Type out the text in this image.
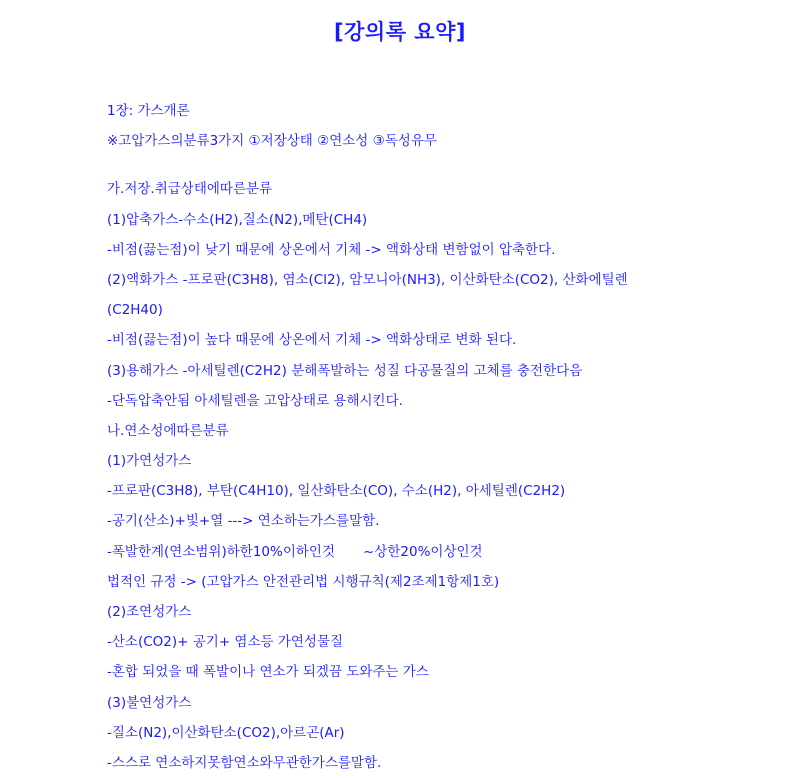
[강의록 요약]
1장: 가스개론
※고압가스의분류3가지 ①저장상태 ②연소성 ③독성유무
가.저장.취급상태에따른분류
(1)압축가스-수소(H2),질소(N2),메탄(CH4)
-비점(끓는점)이 낮기 때문에 상온에서 기체 -> 액화상태 변함없이 압축한다.
(2)액화가스 -프로판(C3H8), 염소(Cl2), 암모니아(NH3), 이산화탄소(CO2), 산화에틸렌
(C2H40)
-비점(끓는점)이 높다 때문에 상온에서 기체 -> 액화상태로 변화 된다.
(3)용해가스 -아세틸렌(C2H2) 분해폭발하는 성질 다공물질의 고체를 충전한다음
-단독압축안됨 아세틸렌을 고압상태로 용해시킨다.
나.연소성에따른분류
(1)가연성가스
-프로판(C3H8), 부탄(C4H10), 일산화탄소(CO), 수소(H2), 아세틸렌(C2H2)
-공기(산소)+빛+열 ---> 연소하는가스를말함.
-폭발한계(연소범위)하한10%이하인것 ~상한20%이상인것
법적인 규정 -> (고압가스 안전관리법 시행규칙(제2조제1항제1호)
(2)조연성가스
-산소(CO2)+ 공기+ 염소등 가연성물질
-혼합 되었을 때 폭발이나 연소가 되겠끔 도와주는 가스
(3)불연성가스
-질소(N2),이산화탄소(CO2),아르곤(Ar)
-스스로 연소하지못함연소와무관한가스를말함.
